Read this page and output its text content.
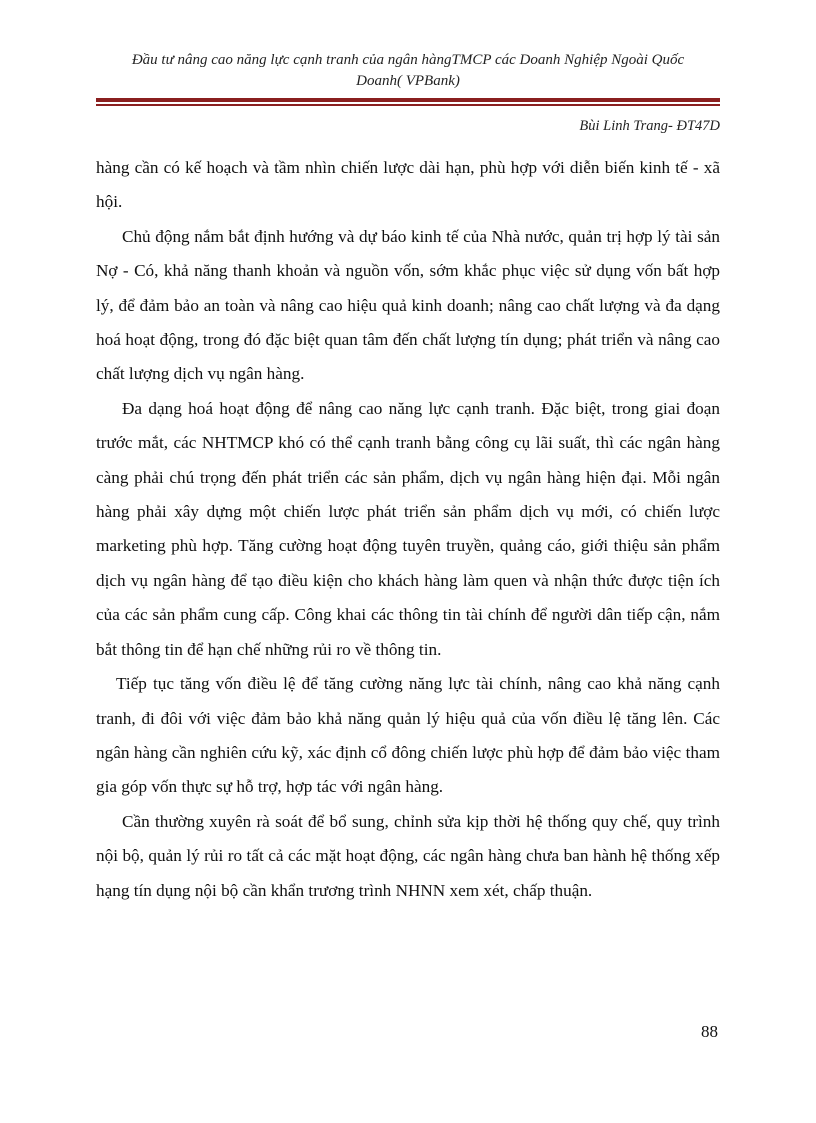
Đầu tư nâng cao năng lực cạnh tranh của ngân hàngTMCP các Doanh Nghiệp Ngoài Quốc
Doanh( VPBank)
Bùi Linh Trang- ĐT47D

hàng cần có kế hoạch và tầm nhìn chiến lược dài hạn, phù hợp với diễn biến kinh tế - xã hội.

Chủ động nắm bắt định hướng và dự báo kinh tế của Nhà nước, quản trị hợp lý tài sản Nợ - Có, khả năng thanh khoản và nguồn vốn, sớm khắc phục việc sử dụng vốn bất hợp lý, để đảm bảo an toàn và nâng cao hiệu quả kinh doanh; nâng cao chất lượng và đa dạng hoá hoạt động, trong đó đặc biệt quan tâm đến chất lượng tín dụng; phát triển và nâng cao chất lượng dịch vụ ngân hàng.

Đa dạng hoá hoạt động để nâng cao năng lực cạnh tranh. Đặc biệt, trong giai đoạn trước mắt, các NHTMCP khó có thể cạnh tranh bằng công cụ lãi suất, thì các ngân hàng càng phải chú trọng đến phát triển các sản phẩm, dịch vụ ngân hàng hiện đại. Mỗi ngân hàng phải xây dựng một chiến lược phát triển sản phẩm dịch vụ mới, có chiến lược marketing phù hợp. Tăng cường hoạt động tuyên truyền, quảng cáo, giới thiệu sản phẩm dịch vụ ngân hàng để tạo điều kiện cho khách hàng làm quen và nhận thức được tiện ích của các sản phẩm cung cấp. Công khai các thông tin tài chính để người dân tiếp cận, nắm bắt thông tin để hạn chế những rủi ro về thông tin.

Tiếp tục tăng vốn điều lệ để tăng cường năng lực tài chính, nâng cao khả năng cạnh tranh, đi đôi với việc đảm bảo khả năng quản lý hiệu quả của vốn điều lệ tăng lên. Các ngân hàng cần nghiên cứu kỹ, xác định cổ đông chiến lược phù hợp để đảm bảo việc tham gia góp vốn thực sự hỗ trợ, hợp tác với ngân hàng.

Cần thường xuyên rà soát để bổ sung, chỉnh sửa kịp thời hệ thống quy chế, quy trình nội bộ, quản lý rủi ro tất cả các mặt hoạt động, các ngân hàng chưa ban hành hệ thống xếp hạng tín dụng nội bộ cần khẩn trương trình NHNN xem xét, chấp thuận.

88
